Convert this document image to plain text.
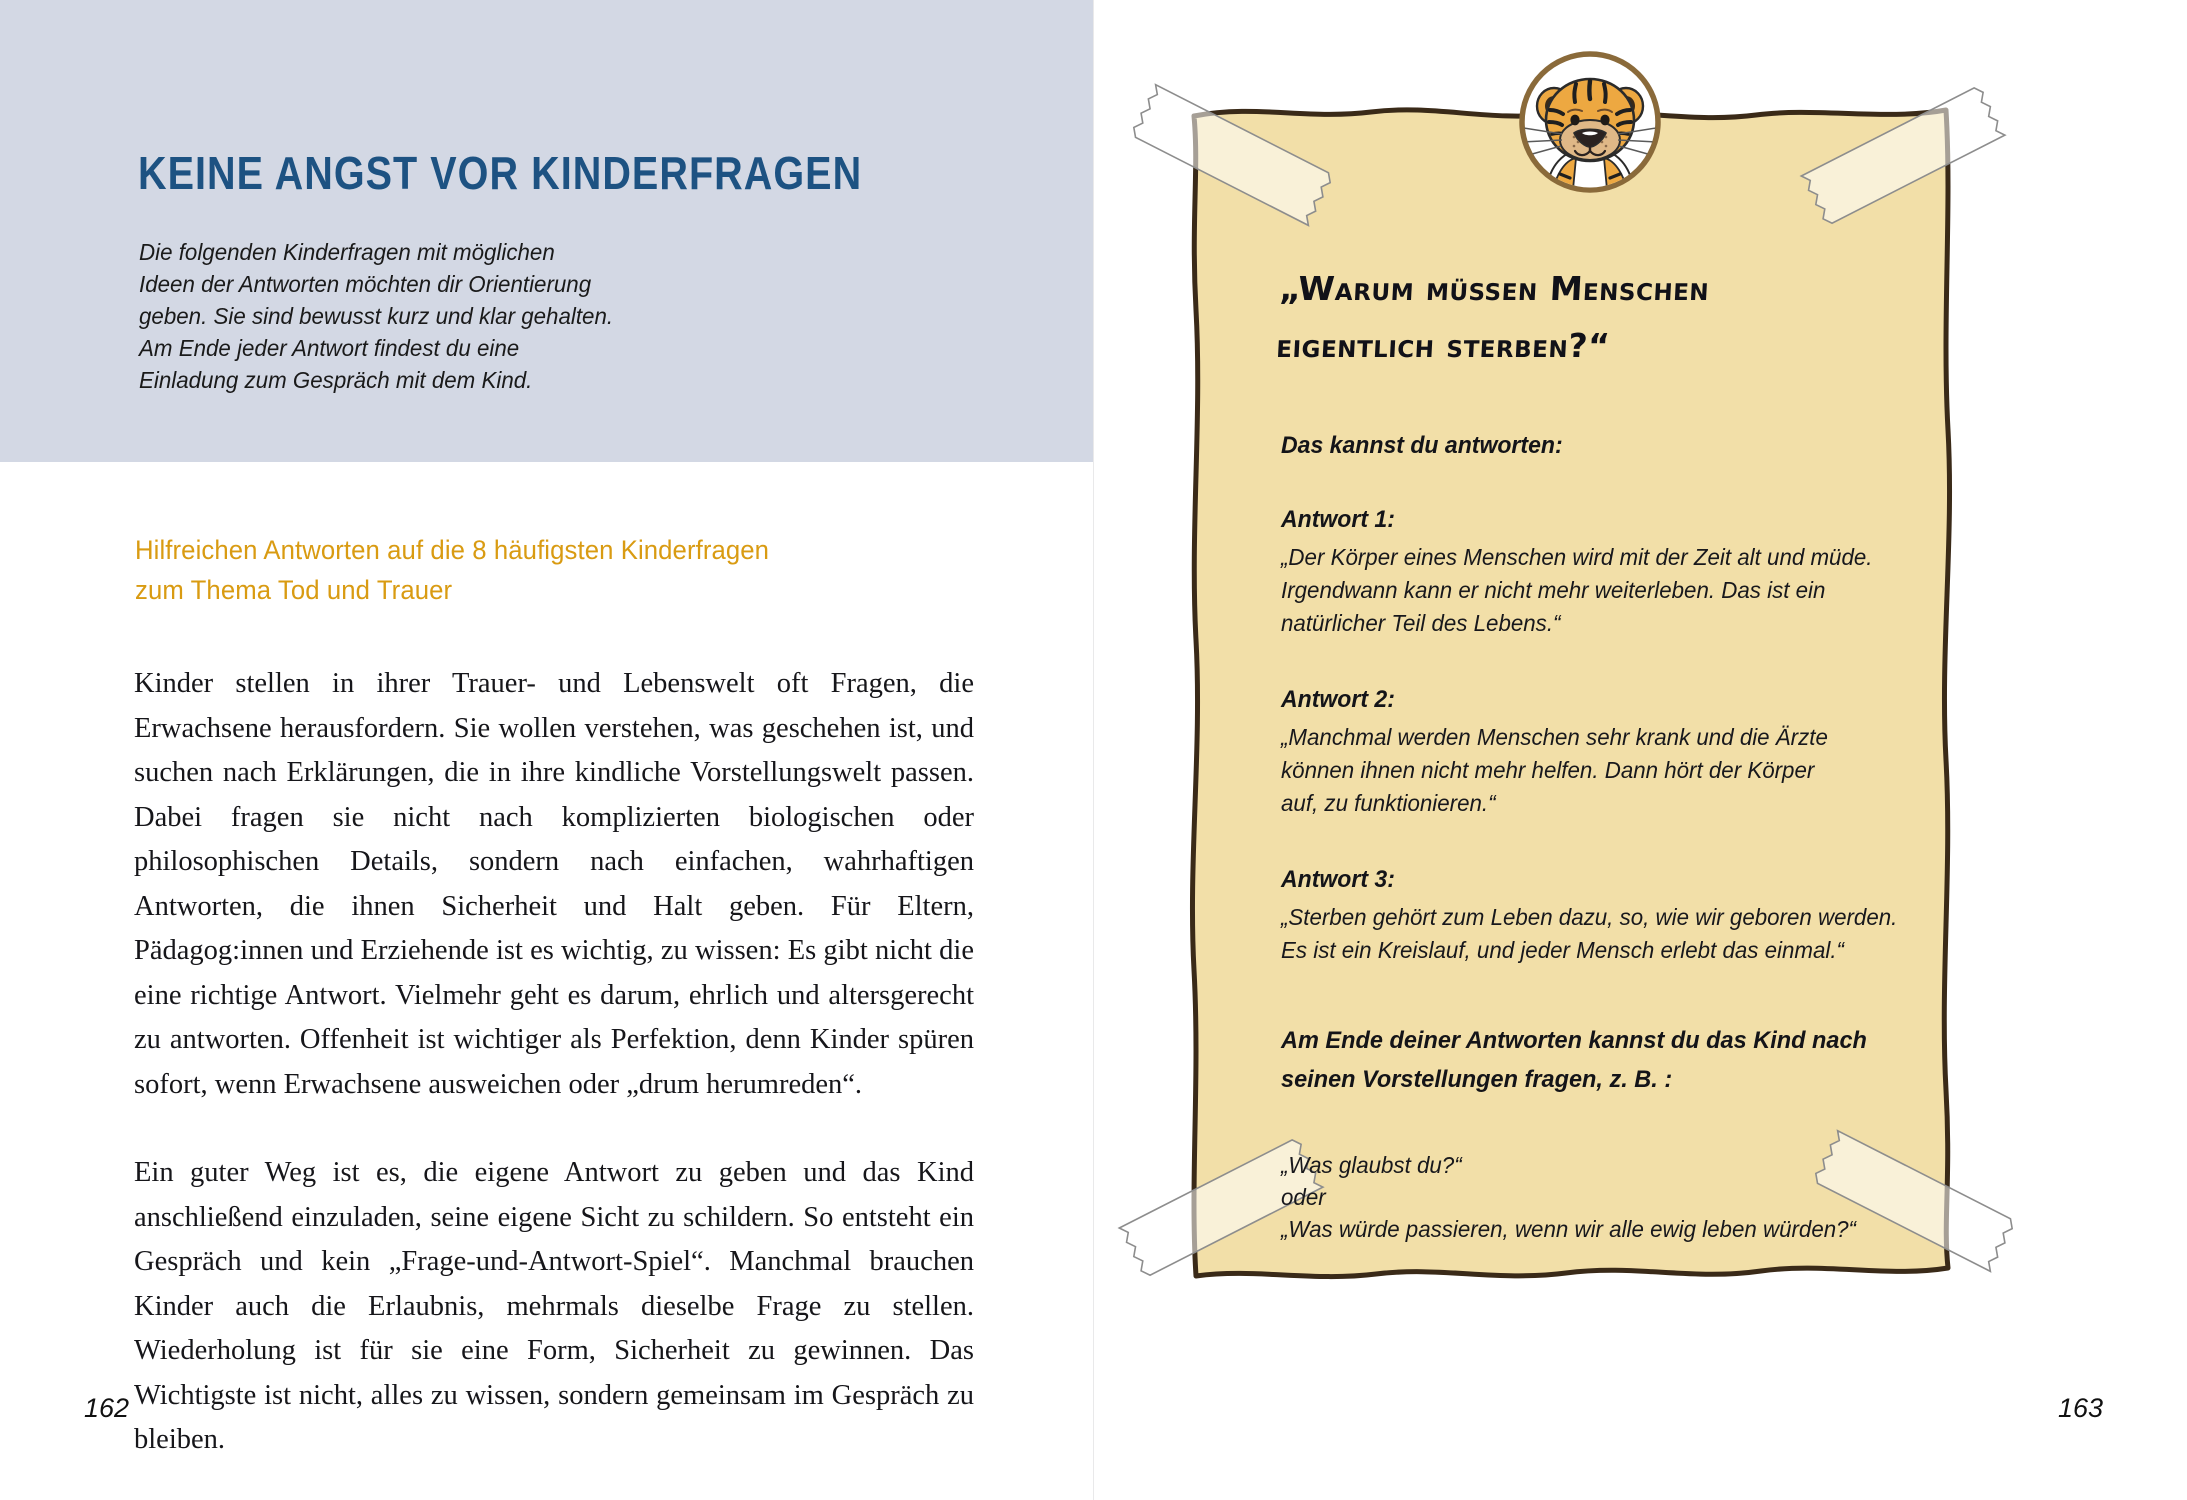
KEINE ANGST VOR KINDERFRAGEN
Die folgenden Kinderfragen mit möglichen
Ideen der Antworten möchten dir Orientierung
geben. Sie sind bewusst kurz und klar gehalten.
Am Ende jeder Antwort findest du eine
Einladung zum Gespräch mit dem Kind.
Hilfreichen Antworten auf die 8 häufigsten Kinderfragen
zum Thema Tod und Trauer

Kinder stellen in ihrer Trauer- und Lebenswelt oft Fragen, die Erwachsene herausfordern. Sie wollen verstehen, was geschehen ist, und suchen nach Erklärungen, die in ihre kindliche Vorstellungswelt passen. Dabei fragen sie nicht nach komplizierten biologischen oder philosophischen Details, sondern nach einfachen, wahrhaftigen Antworten, die ihnen Sicherheit und Halt geben. Für Eltern, Pädagog:innen und Erziehende ist es wichtig, zu wissen: Es gibt nicht die eine richtige Antwort. Vielmehr geht es darum, ehrlich und altersgerecht zu antworten. Offenheit ist wichtiger als Perfektion, denn Kinder spüren sofort, wenn Erwachsene ausweichen oder „drum herumreden“.

Ein guter Weg ist es, die eigene Antwort zu geben und das Kind anschließend einzuladen, seine eigene Sicht zu schildern. So entsteht ein Gespräch und kein „Frage-und-Antwort-Spiel“. Manchmal brauchen Kinder auch die Erlaubnis, mehrmals dieselbe Frage zu stellen. Wiederholung ist für sie eine Form, Sicherheit zu gewinnen. Das Wichtigste ist nicht, alles zu wissen, sondern gemeinsam im Gespräch zu bleiben.

162
„Warum müssen Menschen
eigentlich sterben?“
Das kannst du antworten:
Antwort 1:
„Der Körper eines Menschen wird mit der Zeit alt und müde.
Irgendwann kann er nicht mehr weiterleben. Das ist ein
natürlicher Teil des Lebens.“
Antwort 2:
„Manchmal werden Menschen sehr krank und die Ärzte
können ihnen nicht mehr helfen. Dann hört der Körper
auf, zu funktionieren.“
Antwort 3:
„Sterben gehört zum Leben dazu, so, wie wir geboren werden.
Es ist ein Kreislauf, und jeder Mensch erlebt das einmal.“
Am Ende deiner Antworten kannst du das Kind nach
seinen Vorstellungen fragen, z. B. :
„Was glaubst du?“
oder
„Was würde passieren, wenn wir alle ewig leben würden?“
163
